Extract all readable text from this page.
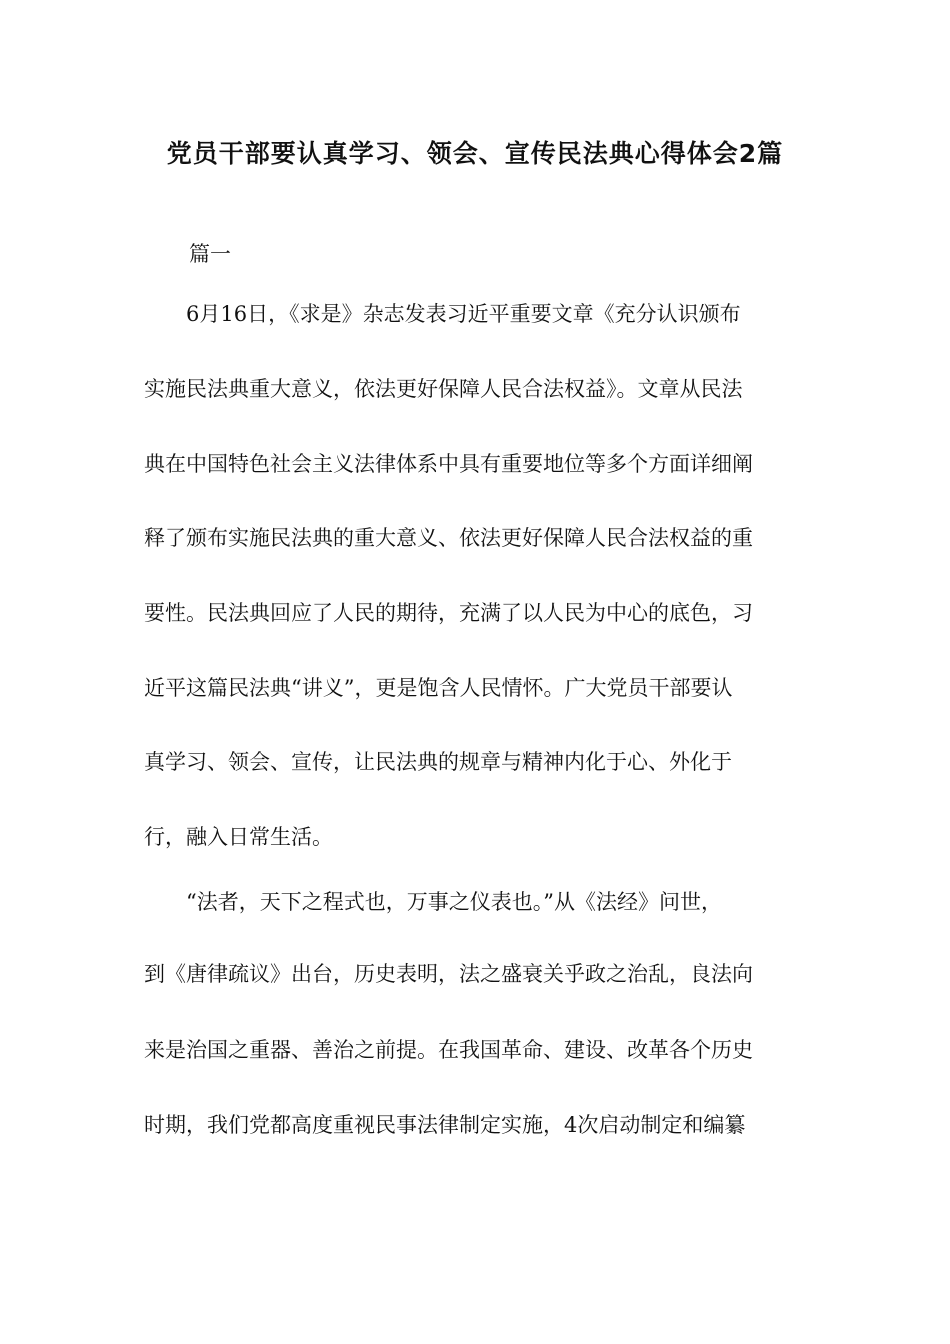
党员干部要认真学习、领会、宣传民法典心得体会2篇

篇一

　　6月16日，《求是》杂志发表习近平重要文章《充分认识颁布

实施民法典重大意义，依法更好保障人民合法权益》。文章从民法

典在中国特色社会主义法律体系中具有重要地位等多个方面详细阐

释了颁布实施民法典的重大意义、依法更好保障人民合法权益的重

要性。民法典回应了人民的期待，充满了以人民为中心的底色，习

近平这篇民法典“讲义”，更是饱含人民情怀。广大党员干部要认

真学习、领会、宣传，让民法典的规章与精神内化于心、外化于

行，融入日常生活。

　　“法者，天下之程式也，万事之仪表也。”从《法经》问世，

到《唐律疏议》出台，历史表明，法之盛衰关乎政之治乱，良法向

来是治国之重器、善治之前提。在我国革命、建设、改革各个历史

时期，我们党都高度重视民事法律制定实施，4次启动制定和编纂
